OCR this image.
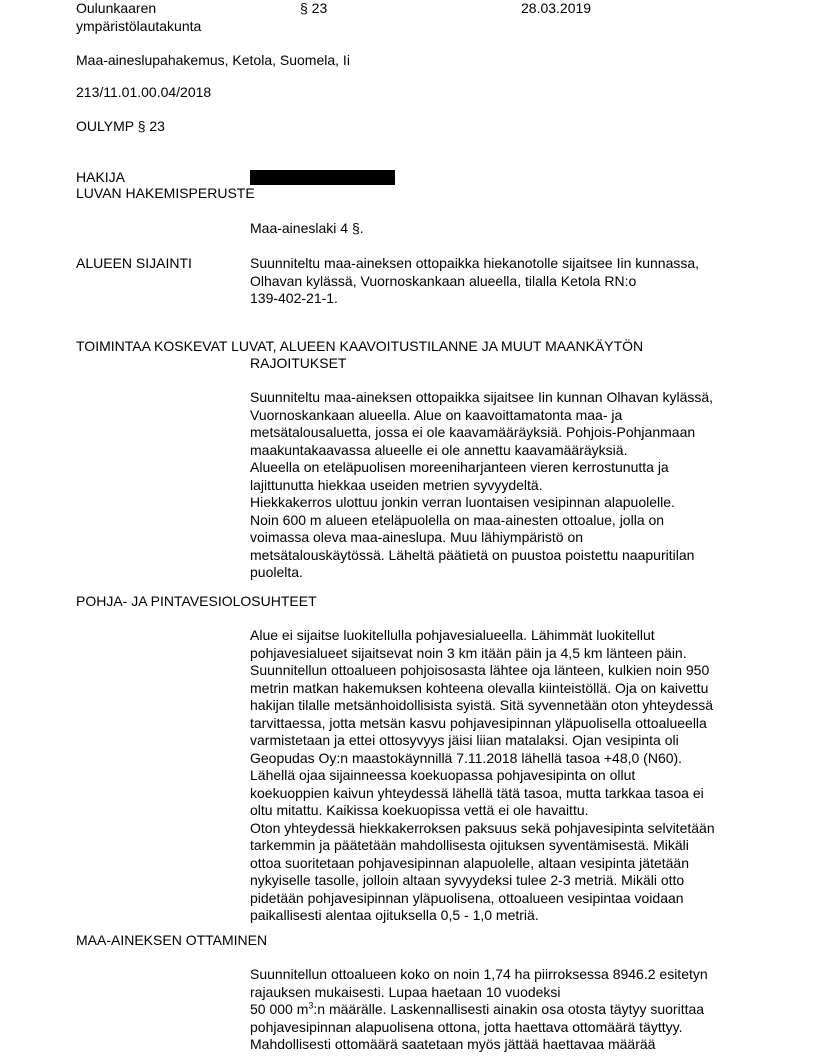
Oulunkaaren
ympäristölautakunta
§ 23	28.03.2019
Maa-aineslupahakemus, Ketola, Suomela, Ii
213/11.01.00.04/2018
OULYMP § 23
HAKIJA
LUVAN HAKEMISPERUSTE
Maa-aineslaki 4 §.
ALUEEN SIJAINTI	Suunniteltu maa-aineksen ottopaikka hiekanotolle sijaitsee Iin kunnassa,
Olhavan kylässä, Vuornoskankaan alueella, tilalla Ketola RN:o
139-402-21-1.
TOIMINTAA KOSKEVAT LUVAT, ALUEEN KAAVOITUSTILANNE JA MUUT MAANKÄYTÖN
RAJOITUKSET
Suunniteltu maa-aineksen ottopaikka sijaitsee Iin kunnan Olhavan kylässä,
Vuornoskankaan alueella. Alue on kaavoittamatonta maa- ja
metsätalousaluetta, jossa ei ole kaavamääräyksiä. Pohjois-Pohjanmaan
maakuntakaavassa alueelle ei ole annettu kaavamääräyksiä.
Alueella on eteläpuolisen moreeniharjanteen vieren kerrostunutta ja
lajittunutta hiekkaa useiden metrien syvyydeltä.
Hiekkakerros ulottuu jonkin verran luontaisen vesipinnan alapuolelle.
Noin 600 m alueen eteläpuolella on maa-ainesten ottoalue, jolla on
voimassa oleva maa-aineslupa. Muu lähiympäristö on
metsätalouskäytössä. Läheltä päätietä on puustoa poistettu naapuritilan
puolelta.
POHJA- JA PINTAVESIOLOSUHTEET
Alue ei sijaitse luokitellulla pohjavesialueella. Lähimmät luokitellut
pohjavesialueet sijaitsevat noin 3 km itään päin ja 4,5 km länteen päin.
Suunnitellun ottoalueen pohjoisosasta lähtee oja länteen, kulkien noin 950
metrin matkan hakemuksen kohteena olevalla kiinteistöllä. Oja on kaivettu
hakijan tilalle metsänhoidollisista syistä. Sitä syvennetään oton yhteydessä
tarvittaessa, jotta metsän kasvu pohjavesipinnan yläpuolisella ottoalueella
varmistetaan ja ettei ottosyvyys jäisi liian matalaksi. Ojan vesipinta oli
Geopudas Oy:n maastokäynnillä 7.11.2018 lähellä tasoa +48,0 (N60).
Lähellä ojaa sijainneessa koekuopassa pohjavesipinta on ollut
koekuoppien kaivun yhteydessä lähellä tätä tasoa, mutta tarkkaa tasoa ei
oltu mitattu. Kaikissa koekuopissa vettä ei ole havaittu.
Oton yhteydessä hiekkakerroksen paksuus sekä pohjavesipinta selvitetään
tarkemmin ja päätetään mahdollisesta ojituksen syventämisestä. Mikäli
ottoa suoritetaan pohjavesipinnan alapuolelle, altaan vesipinta jätetään
nykyiselle tasolle, jolloin altaan syvyydeksi tulee 2-3 metriä. Mikäli otto
pidetään pohjavesipinnan yläpuolisena, ottoalueen vesipintaa voidaan
paikallisesti alentaa ojituksella 0,5 - 1,0 metriä.
MAA-AINEKSEN OTTAMINEN
Suunnitellun ottoalueen koko on noin 1,74 ha piirroksessa 8946.2 esitetyn
rajauksen mukaisesti. Lupaa haetaan 10 vuodeksi
50 000 $m^3:n$ määrälle. Laskennallisesti ainakin osa otosta täytyy suorittaa
pohjavesipinnan alapuolisena ottona, jotta haettava ottomäärä täyttyy.
Mahdollisesti ottomäärä saatetaan myös jättää haettavaa määrää
